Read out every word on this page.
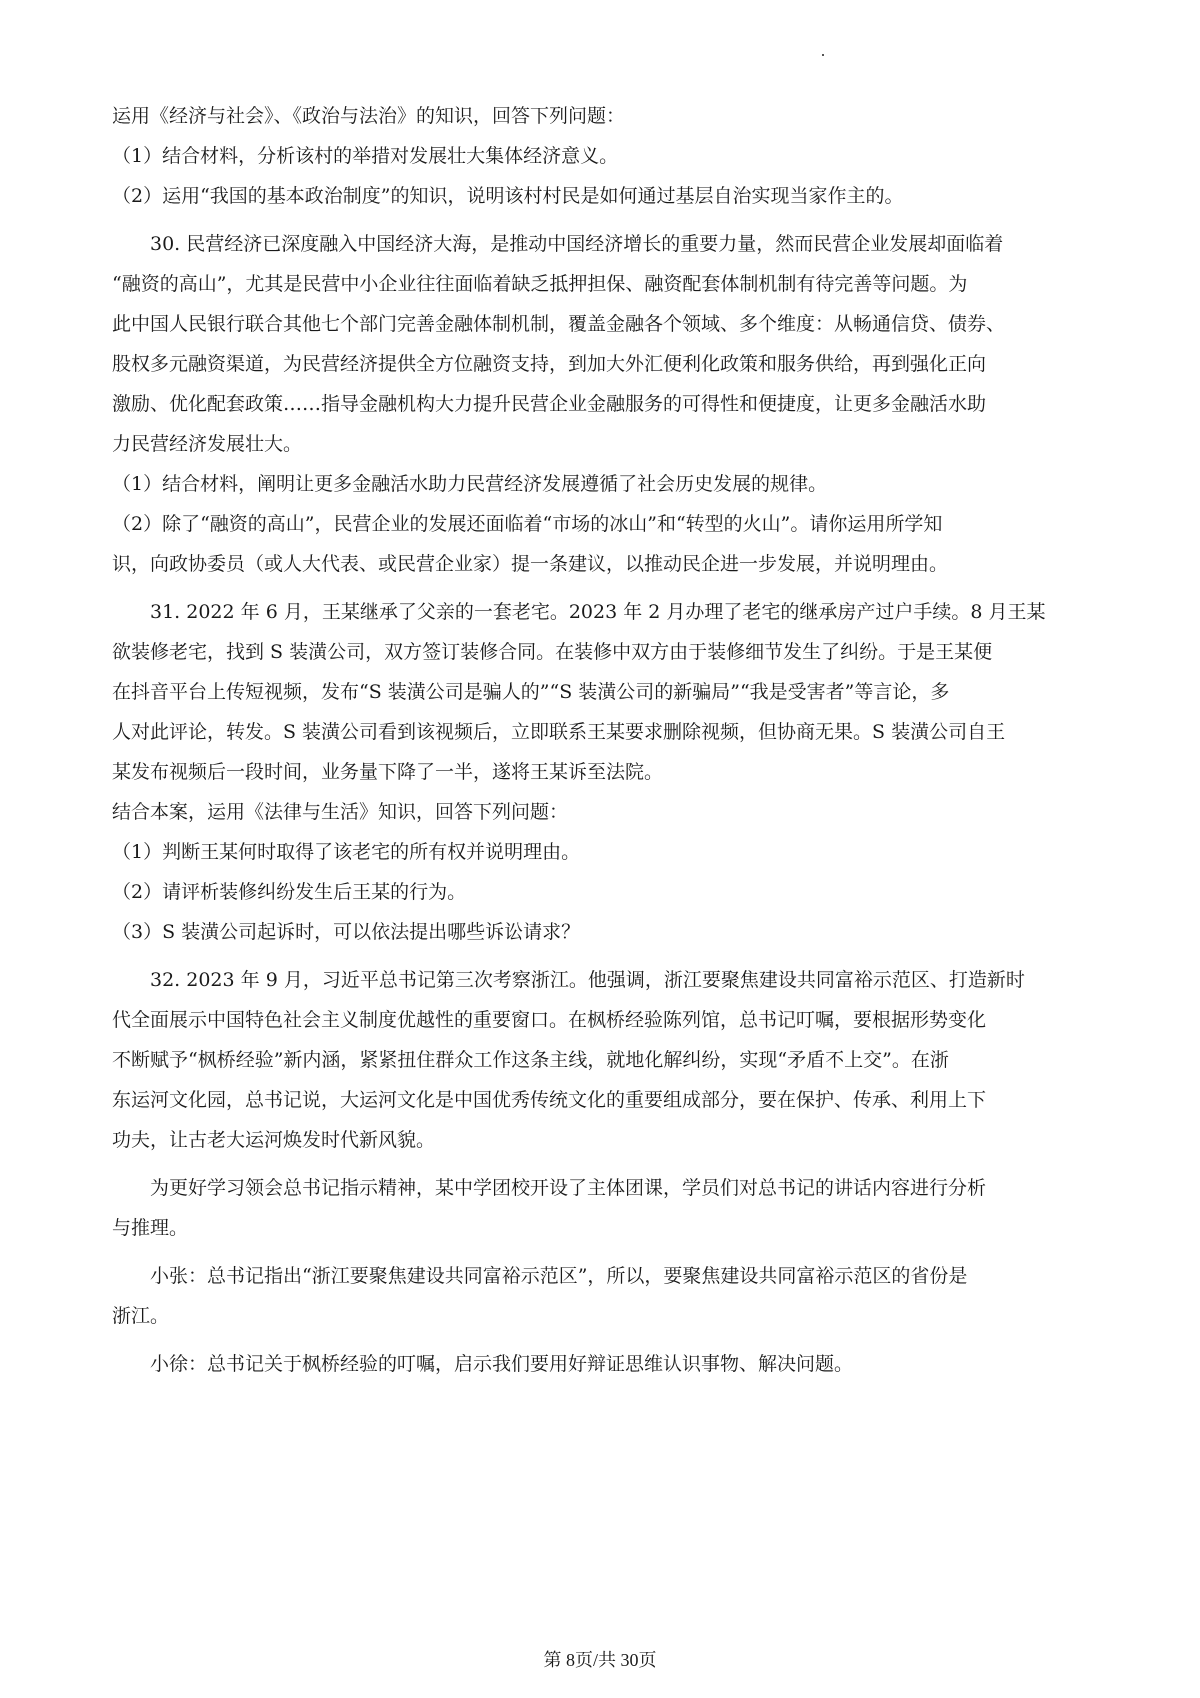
运用《经济与社会》、《政治与法治》的知识，回答下列问题：
（1）结合材料，分析该村的举措对发展壮大集体经济意义。
（2）运用“我国的基本政治制度”的知识，说明该村村民是如何通过基层自治实现当家作主的。
30. 民营经济已深度融入中国经济大海，是推动中国经济增长的重要力量，然而民营企业发展却面临着
“融资的高山”，尤其是民营中小企业往往面临着缺乏抵押担保、融资配套体制机制有待完善等问题。为
此中国人民银行联合其他七个部门完善金融体制机制，覆盖金融各个领域、多个维度：从畅通信贷、债券、
股权多元融资渠道，为民营经济提供全方位融资支持，到加大外汇便利化政策和服务供给，再到强化正向
激励、优化配套政策……指导金融机构大力提升民营企业金融服务的可得性和便捷度，让更多金融活水助
力民营经济发展壮大。
（1）结合材料，阐明让更多金融活水助力民营经济发展遵循了社会历史发展的规律。
（2）除了“融资的高山”，民营企业的发展还面临着“市场的冰山”和“转型的火山”。请你运用所学知
识，向政协委员（或人大代表、或民营企业家）提一条建议，以推动民企进一步发展，并说明理由。
31. 2022 年 6 月，王某继承了父亲的一套老宅。2023 年 2 月办理了老宅的继承房产过户手续。8 月王某
欲装修老宅，找到 S 装潢公司，双方签订装修合同。在装修中双方由于装修细节发生了纠纷。于是王某便
在抖音平台上传短视频，发布“S 装潢公司是骗人的”“S 装潢公司的新骗局”“我是受害者”等言论，多
人对此评论，转发。S 装潢公司看到该视频后，立即联系王某要求删除视频，但协商无果。S 装潢公司自王
某发布视频后一段时间，业务量下降了一半，遂将王某诉至法院。
结合本案，运用《法律与生活》知识，回答下列问题：
（1）判断王某何时取得了该老宅的所有权并说明理由。
（2）请评析装修纠纷发生后王某的行为。
（3）S 装潢公司起诉时，可以依法提出哪些诉讼请求？
32. 2023 年 9 月，习近平总书记第三次考察浙江。他强调，浙江要聚焦建设共同富裕示范区、打造新时
代全面展示中国特色社会主义制度优越性的重要窗口。在枫桥经验陈列馆，总书记叮嘱，要根据形势变化
不断赋予“枫桥经验”新内涵，紧紧扭住群众工作这条主线，就地化解纠纷，实现“矛盾不上交”。在浙
东运河文化园，总书记说，大运河文化是中国优秀传统文化的重要组成部分，要在保护、传承、利用上下
功夫，让古老大运河焕发时代新风貌。
为更好学习领会总书记指示精神，某中学团校开设了主体团课，学员们对总书记的讲话内容进行分析
与推理。
小张：总书记指出“浙江要聚焦建设共同富裕示范区”，所以，要聚焦建设共同富裕示范区的省份是
浙江。
小徐：总书记关于枫桥经验的叮嘱，启示我们要用好辩证思维认识事物、解决问题。
第 8页/共 30页
